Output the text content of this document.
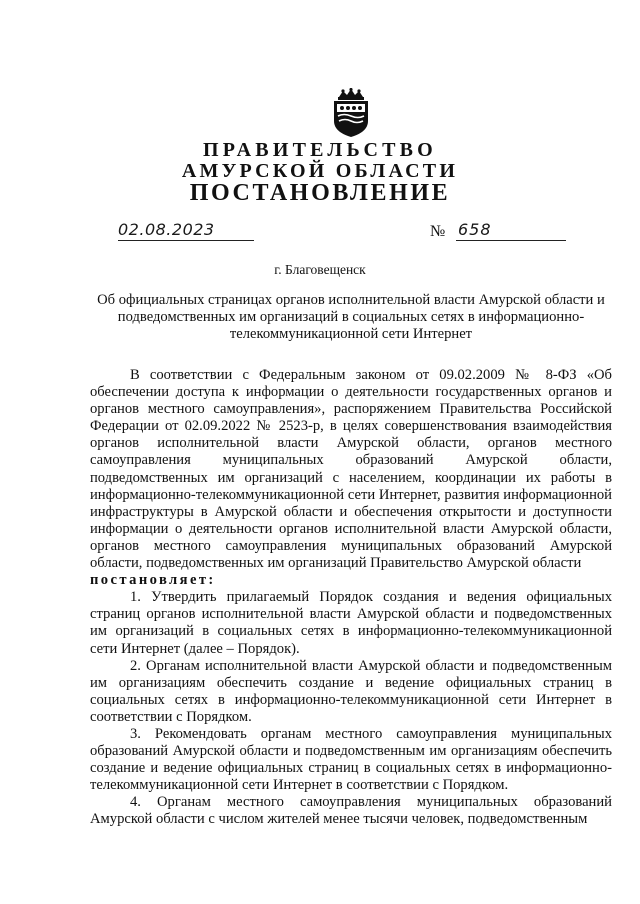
ПРАВИТЕЛЬСТВО
АМУРСКОЙ ОБЛАСТИ
ПОСТАНОВЛЕНИЕ
02.08.2023	№ 658
г. Благовещенск
Об официальных страницах органов исполнительной власти Амурской области и подведомственных им организаций в социальных сетях в информационно-телекоммуникационной сети Интернет

В соответствии с Федеральным законом от 09.02.2009 № 8-ФЗ «Об обеспечении доступа к информации о деятельности государственных органов и органов местного самоуправления», распоряжением Правительства Российской Федерации от 02.09.2022 № 2523-р, в целях совершенствования взаимодействия органов исполнительной власти Амурской области, органов местного самоуправления муниципальных образований Амурской области, подведомственных им организаций с населением, координации их работы в информационно-телекоммуникационной сети Интернет, развития информационной инфраструктуры в Амурской области и обеспечения открытости и доступности информации о деятельности органов исполнительной власти Амурской области, органов местного самоуправления муниципальных образований Амурской области, подведомственных им организаций Правительство Амурской области

постановляет:

1. Утвердить прилагаемый Порядок создания и ведения официальных страниц органов исполнительной власти Амурской области и подведомственных им организаций в социальных сетях в информационно-телекоммуникационной сети Интернет (далее – Порядок).

2. Органам исполнительной власти Амурской области и подведомственным им организациям обеспечить создание и ведение официальных страниц в социальных сетях в информационно-телекоммуникационной сети Интернет в соответствии с Порядком.

3. Рекомендовать органам местного самоуправления муниципальных образований Амурской области и подведомственным им организациям обеспечить создание и ведение официальных страниц в социальных сетях в информационно-телекоммуникационной сети Интернет в соответствии с Порядком.

4. Органам местного самоуправления муниципальных образований Амурской области с числом жителей менее тысячи человек, подведомственным
